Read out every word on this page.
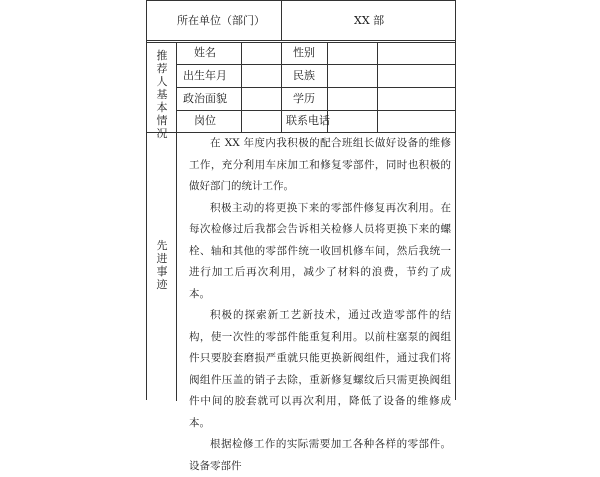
所在单位（部门）	XX 部
推荐人基本情况
姓名	性别
出生年月	民族
政治面貌	学历
岗位	联系电话
先进事迹

在 XX 年度内我积极的配合班组长做好设备的维修工作，充分利用车床加工和修复零部件，同时也积极的做好部门的统计工作。

积极主动的将更换下来的零部件修复再次利用。在每次检修过后我都会告诉相关检修人员将更换下来的螺栓、轴和其他的零部件统一收回机修车间，然后我统一进行加工后再次利用，减少了材料的浪费，节约了成本。

积极的探索新工艺新技术，通过改造零部件的结构，使一次性的零部件能重复利用。以前柱塞泵的阀组件只要胶套磨损严重就只能更换新阀组件，通过我们将阀组件压盖的销子去除，重新修复螺纹后只需更换阀组件中间的胶套就可以再次利用，降低了设备的维修成本。

根据检修工作的实际需要加工各种各样的零部件。设备零部件
